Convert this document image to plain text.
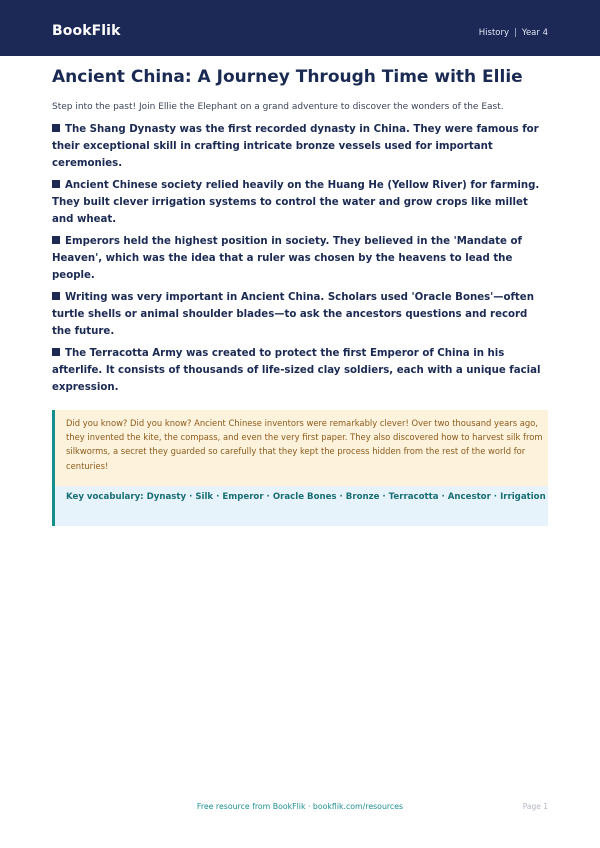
BookFlik	History | Year 4
Ancient China: A Journey Through Time with Ellie

Step into the past! Join Ellie the Elephant on a grand adventure to discover the wonders of the East.

The Shang Dynasty was the first recorded dynasty in China. They were famous for their exceptional skill in crafting intricate bronze vessels used for important ceremonies.

Ancient Chinese society relied heavily on the Huang He (Yellow River) for farming. They built clever irrigation systems to control the water and grow crops like millet and wheat.

Emperors held the highest position in society. They believed in the 'Mandate of Heaven', which was the idea that a ruler was chosen by the heavens to lead the people.

Writing was very important in Ancient China. Scholars used 'Oracle Bones'—often turtle shells or animal shoulder blades—to ask the ancestors questions and record the future.

The Terracotta Army was created to protect the first Emperor of China in his afterlife. It consists of thousands of life-sized clay soldiers, each with a unique facial expression.

Did you know? Did you know? Ancient Chinese inventors were remarkably clever! Over two thousand years ago, they invented the kite, the compass, and even the very first paper. They also discovered how to harvest silk from silkworms, a secret they guarded so carefully that they kept the process hidden from the rest of the world for centuries!

Key vocabulary: Dynasty · Silk · Emperor · Oracle Bones · Bronze · Terracotta · Ancestor · Irrigation

Free resource from BookFlik · bookflik.com/resources	Page 1
